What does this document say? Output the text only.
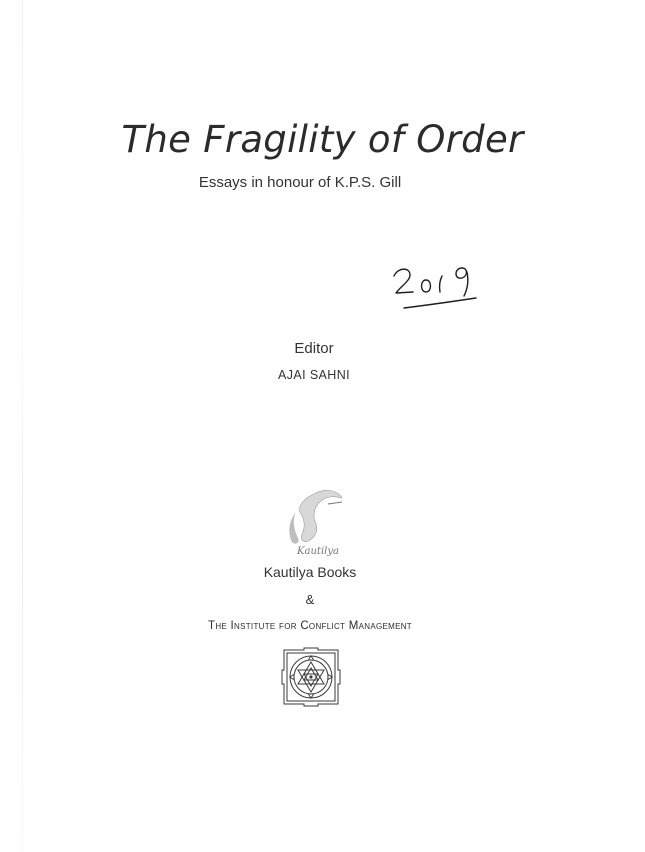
The Fragility of Order
Essays in honour of K.P.S. Gill
Editor
AJAI SAHNI
Kautilya
Kautilya Books
&
The Institute for Conflict Management
